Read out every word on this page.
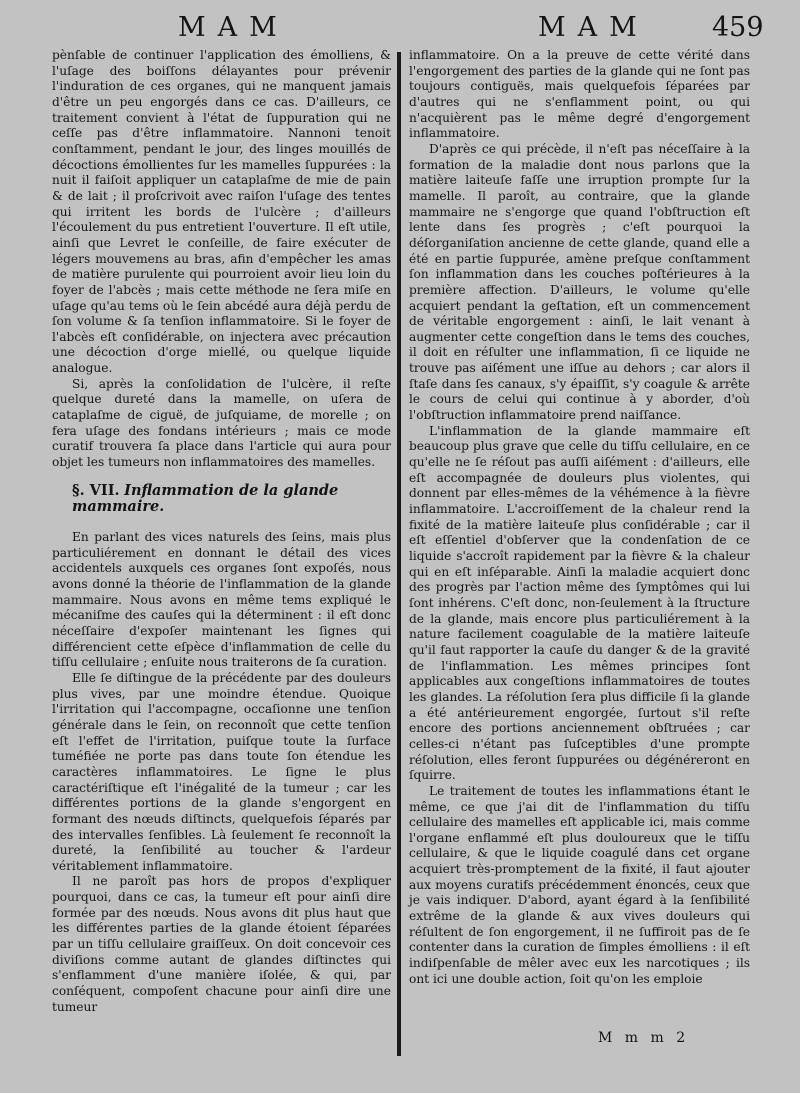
MAM	MAM 459

pènſable de continuer l'application des émolliens, & l'uſage des boiſſons délayantes pour prévenir l'induration de ces organes, qui ne manquent jamais d'être un peu engorgés dans ce cas. D'ailleurs, ce traitement convient à l'état de ſuppuration qui ne ceſſe pas d'être inflammatoire. Nannoni tenoit conſtamment, pendant le jour, des linges mouillés de décoctions émollientes ſur les mamelles ſuppurées : la nuit il faiſoit appliquer un cataplaſme de mie de pain & de lait ; il proſcrivoit avec raiſon l'uſage des tentes qui irritent les bords de l'ulcère ; d'ailleurs l'écoulement du pus entretient l'ouverture. Il eſt utile, ainſi que Levret le conſeille, de faire exécuter de légers mouvemens au bras, afin d'empêcher les amas de matière purulente qui pourroient avoir lieu loin du foyer de l'abcès ; mais cette méthode ne ſera miſe en uſage qu'au tems où le ſein abcédé aura déjà perdu de ſon volume & ſa tenſion inflammatoire. Si le foyer de l'abcès eſt conſidérable, on injectera avec précaution une décoction d'orge miellé, ou quelque liquide analogue.

Si, après la conſolidation de l'ulcère, il reſte quelque dureté dans la mamelle, on uſera de cataplaſme de ciguë, de juſquiame, de morelle ; on fera uſage des fondans intérieurs ; mais ce mode curatif trouvera ſa place dans l'article qui aura pour objet les tumeurs non inflammatoires des mamelles.

§. VII. Inflammation de la glande mammaire.

En parlant des vices naturels des ſeins, mais plus particuliérement en donnant le détail des vices accidentels auxquels ces organes ſont expoſés, nous avons donné la théorie de l'inflammation de la glande mammaire. Nous avons en même tems expliqué le mécaniſme des cauſes qui la déterminent : il eſt donc néceſſaire d'expoſer maintenant les ſignes qui différencient cette eſpèce d'inflammation de celle du tiſſu cellulaire ; enſuite nous traiterons de ſa curation.

Elle ſe diſtingue de la précédente par des douleurs plus vives, par une moindre étendue. Quoique l'irritation qui l'accompagne, occaſionne une tenſion générale dans le ſein, on reconnoît que cette tenſion eſt l'effet de l'irritation, puiſque toute la ſurface tuméfiée ne porte pas dans toute ſon étendue les caractères inflammatoires. Le ſigne le plus caractériſtique eſt l'inégalité de la tumeur ; car les différentes portions de la glande s'engorgent en formant des nœuds diſtincts, quelquefois ſéparés par des intervalles ſenſibles. Là ſeulement ſe reconnoît la dureté, la ſenſibilité au toucher & l'ardeur véritablement inflammatoire.

Il ne paroît pas hors de propos d'expliquer pourquoi, dans ce cas, la tumeur eſt pour ainſi dire formée par des nœuds. Nous avons dit plus haut que les différentes parties de la glande étoient ſéparées par un tiſſu cellulaire graiſſeux. On doit concevoir ces diviſions comme autant de glandes diſtinctes qui s'enflamment d'une manière iſolée, & qui, par conſéquent, compoſent chacune pour ainſi dire une tumeur

inflammatoire. On a la preuve de cette vérité dans l'engorgement des parties de la glande qui ne ſont pas toujours contiguës, mais quelquefois ſéparées par d'autres qui ne s'enflamment point, ou qui n'acquièrent pas le même degré d'engorgement inflammatoire.

D'après ce qui précède, il n'eſt pas néceſſaire à la formation de la maladie dont nous parlons que la matière laiteuſe faſſe une irruption prompte ſur la mamelle. Il paroît, au contraire, que la glande mammaire ne s'engorge que quand l'obſtruction eſt lente dans ſes progrès ; c'eſt pourquoi la déſorganiſation ancienne de cette glande, quand elle a été en partie ſuppurée, amène preſque conſtamment ſon inflammation dans les couches poſtérieures à la première affection. D'ailleurs, le volume qu'elle acquiert pendant la geſtation, eſt un commencement de véritable engorgement : ainſi, le lait venant à augmenter cette congeſtion dans le tems des couches, il doit en réſulter une inflammation, ſi ce liquide ne trouve pas aiſément une iſſue au dehors ; car alors il ſtaſe dans ſes canaux, s'y épaiſſit, s'y coagule & arrête le cours de celui qui continue à y aborder, d'où l'obſtruction inflammatoire prend naiſſance.

L'inflammation de la glande mammaire eſt beaucoup plus grave que celle du tiſſu cellulaire, en ce qu'elle ne ſe réſout pas auſſi aiſément : d'ailleurs, elle eſt accompagnée de douleurs plus violentes, qui donnent par elles-mêmes de la véhémence à la fièvre inflammatoire. L'accroiſſement de la chaleur rend la fixité de la matière laiteuſe plus conſidérable ; car il eſt eſſentiel d'obſerver que la condenſation de ce liquide s'accroît rapidement par la fièvre & la chaleur qui en eſt inſéparable. Ainſi la maladie acquiert donc des progrès par l'action même des ſymptômes qui lui ſont inhérens. C'eſt donc, non-ſeulement à la ſtructure de la glande, mais encore plus particuliérement à la nature facilement coagulable de la matière laiteuſe qu'il faut rapporter la cauſe du danger & de la gravité de l'inflammation. Les mêmes principes ſont applicables aux congeſtions inflammatoires de toutes les glandes. La réſolution ſera plus difficile ſi la glande a été antérieurement engorgée, ſurtout s'il reſte encore des portions anciennement obſtruées ; car celles-ci n'étant pas ſuſceptibles d'une prompte réſolution, elles feront ſuppurées ou dégénéreront en ſquirre.

Le traitement de toutes les inflammations étant le même, ce que j'ai dit de l'inflammation du tiſſu cellulaire des mamelles eſt applicable ici, mais comme l'organe enflammé eſt plus douloureux que le tiſſu cellulaire, & que le liquide coagulé dans cet organe acquiert très-promptement de la fixité, il faut ajouter aux moyens curatifs précédemment énoncés, ceux que je vais indiquer. D'abord, ayant égard à la ſenſibilité extrême de la glande & aux vives douleurs qui réſultent de ſon engorgement, il ne ſuffiroit pas de ſe contenter dans la curation de ſimples émolliens : il eſt indiſpenſable de mêler avec eux les narcotiques ; ils ont ici une double action, ſoit qu'on les emploie

M m m 2
